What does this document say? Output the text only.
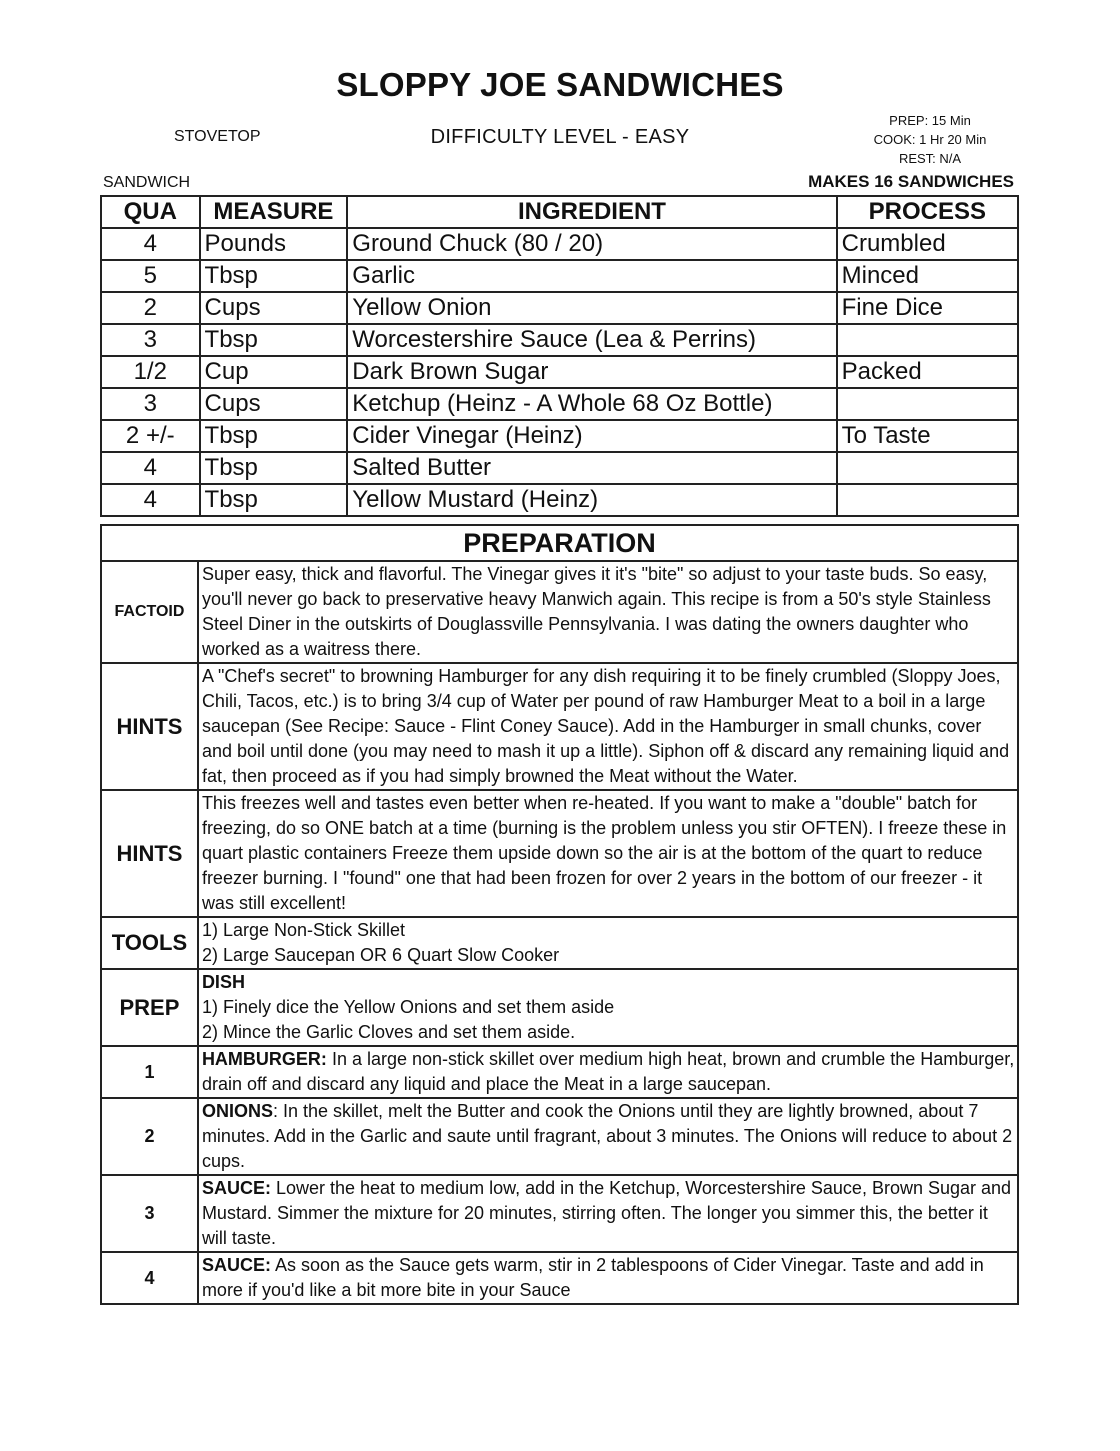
SLOPPY JOE SANDWICHES
STOVETOP	DIFFICULTY LEVEL - EASY
PREP: 15 Min
COOK: 1 Hr 20 Min
REST: N/A
SANDWICH	MAKES 16 SANDWICHES
QUA	MEASURE	INGREDIENT	PROCESS
4	Pounds	Ground Chuck (80 / 20)	Crumbled
5	Tbsp	Garlic	Minced
2	Cups	Yellow Onion	Fine Dice
3	Tbsp	Worcestershire Sauce (Lea & Perrins)	
1/2	Cup	Dark Brown Sugar	Packed
3	Cups	Ketchup (Heinz - A Whole 68 Oz Bottle)	
2 +/-	Tbsp	Cider Vinegar (Heinz)	To Taste
4	Tbsp	Salted Butter	
4	Tbsp	Yellow Mustard (Heinz)	
PREPARATION	
FACTOID	Super easy, thick and flavorful. The Vinegar gives it it's "bite" so adjust to your taste buds. So easy, you'll never go back to preservative heavy Manwich again. This recipe is from a 50's style Stainless Steel Diner in the outskirts of Douglassville Pennsylvania. I was dating the owners daughter who worked as a waitress there.
HINTS	A "Chef's secret" to browning Hamburger for any dish requiring it to be finely crumbled (Sloppy Joes, Chili, Tacos, etc.) is to bring 3/4 cup of Water per pound of raw Hamburger Meat to a boil in a large saucepan (See Recipe: Sauce - Flint Coney Sauce). Add in the Hamburger in small chunks, cover and boil until done (you may need to mash it up a little). Siphon off & discard any remaining liquid and fat, then proceed as if you had simply browned the Meat without the Water.
HINTS	This freezes well and tastes even better when re-heated. If you want to make a "double" batch for freezing, do so ONE batch at a time (burning is the problem unless you stir OFTEN). I freeze these in quart plastic containers Freeze them upside down so the air is at the bottom of the quart to reduce freezer burning. I "found" one that had been frozen for over 2 years in the bottom of our freezer - it was still excellent!
TOOLS	1) Large Non-Stick Skillet
2) Large Saucepan OR 6 Quart Slow Cooker

PREP	DISH
1) Finely dice the Yellow Onions and set them aside
2) Mince the Garlic Cloves and set them aside.

1	HAMBURGER: In a large non-stick skillet over medium high heat, brown and crumble the Hamburger, drain off and discard any liquid and place the Meat in a large saucepan.
2	ONIONS: In the skillet, melt the Butter and cook the Onions until they are lightly browned, about 7 minutes. Add in the Garlic and saute until fragrant, about 3 minutes. The Onions will reduce to about 2 cups.
3	SAUCE: Lower the heat to medium low, add in the Ketchup, Worcestershire Sauce, Brown Sugar and Mustard. Simmer the mixture for 20 minutes, stirring often. The longer you simmer this, the better it will taste.
4	SAUCE: As soon as the Sauce gets warm, stir in 2 tablespoons of Cider Vinegar. Taste and add in more if you'd like a bit more bite in your Sauce
